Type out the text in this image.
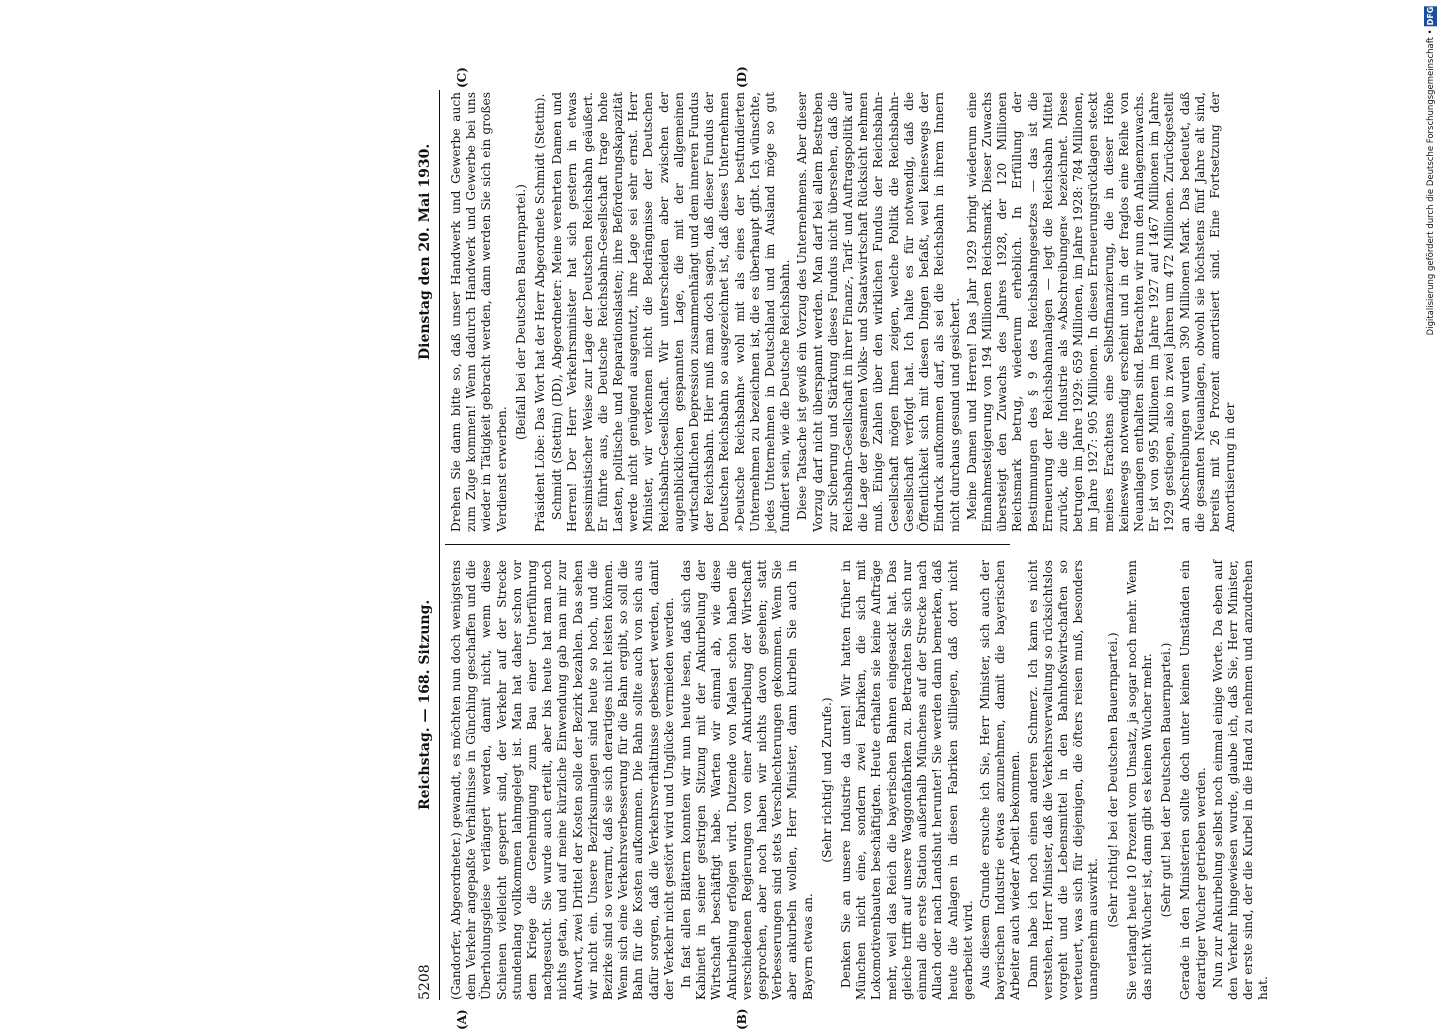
5208
Reichstag. — 168. Sitzung.
Dienstag den 20. Mai 1930.
(A)	(B)
(C)	(D)

(Gandorfer, Abgeordneter.) gewandt, es möchten nun doch wenigstens dem Verkehr angepaßte Verhältnisse in Günching geschaffen und die Überholungsgleise verlängert werden, damit nicht, wenn diese Schienen vielleicht gesperrt sind, der Verkehr auf der Strecke stundenlang vollkommen lahmgelegt ist. Man hat daher schon vor dem Kriege die Genehmigung zum Bau einer Unterführung nachgesucht. Sie wurde auch erteilt, aber bis heute hat man noch nichts getan, und auf meine kürzliche Einwendung gab man mir zur Antwort, zwei Drittel der Kosten solle der Bezirk bezahlen. Das sehen wir nicht ein. Unsere Bezirksumlagen sind heute so hoch, und die Bezirke sind so verarmt, daß sie sich derartiges nicht leisten können. Wenn sich eine Verkehrsverbesserung für die Bahn ergibt, so soll die Bahn für die Kosten aufkommen. Die Bahn sollte auch von sich aus dafür sorgen, daß die Verkehrsverhältnisse gebessert werden, damit der Verkehr nicht gestört wird und Unglücke vermieden werden. In fast allen Blättern konnten wir nun heute lesen, daß sich das Kabinett in seiner gestrigen Sitzung mit der Ankurbelung der Wirtschaft beschäftigt habe. Warten wir einmal ab, wie diese Ankurbelung erfolgen wird. Dutzende von Malen schon haben die verschiedenen Regierungen von einer Ankurbelung der Wirtschaft gesprochen, aber noch haben wir nichts davon gesehen; statt Verbesserungen sind stets Verschlechterungen gekommen. Wenn Sie aber ankurbeln wollen, Herr Minister, dann kurbeln Sie auch in Bayern etwas an.

(Sehr richtig! und Zurufe.) Denken Sie an unsere Industrie da unten! Wir hatten früher in München nicht eine, sondern zwei Fabriken, die sich mit Lokomotivenbauten beschäftigten. Heute erhalten sie keine Aufträge mehr, weil das Reich die bayerischen Bahnen eingesackt hat. Das gleiche trifft auf unsere Waggonfabriken zu. Betrachten Sie sich nur einmal die erste Station außerhalb Münchens auf der Strecke nach Allach oder nach Landshut herunter! Sie werden dann bemerken, daß heute die Anlagen in diesen Fabriken stilliegen, daß dort nicht gearbeitet wird. Aus diesem Grunde ersuche ich Sie, Herr Minister, sich auch der bayerischen Industrie etwas anzunehmen, damit die bayerischen Arbeiter auch wieder Arbeit bekommen. Dann habe ich noch einen anderen Schmerz. Ich kann es nicht verstehen, Herr Minister, daß die Verkehrsverwaltung so rücksichtslos vorgeht und die Lebensmittel in den Bahnhofswirtschaften so verteuert, was sich für diejenigen, die öfters reisen muß, besonders unangenehm auswirkt.

(Sehr richtig! bei der Deutschen Bauernpartei.) Sie verlangt heute 10 Prozent vom Umsatz, ja sogar noch mehr. Wenn das nicht Wucher ist, dann gibt es keinen Wucher mehr. (Sehr gut! bei der Deutschen Bauernpartei.) Gerade in den Ministerien sollte doch unter keinen Umständen ein derartiger Wucher getrieben werden. Nun zur Ankurbelung selbst noch einmal einige Worte. Da eben auf den Verkehr hingewiesen wurde, glaube ich, daß Sie, Herr Minister, der erste sind, der die Kurbel in die Hand zu nehmen und anzudrehen hat.

Drehen Sie dann bitte so, daß unser Handwerk und Gewerbe auch zum Zuge kommen! Wenn dadurch Handwerk und Gewerbe bei uns wieder in Tätigkeit gebracht werden, dann werden Sie sich ein großes Verdienst erwerben.

(Beifall bei der Deutschen Bauernpartei.) Präsident Löbe: Das Wort hat der Herr Abgeordnete Schmidt (Stettin). Schmidt (Stettin) (DD), Abgeordneter: Meine verehrten Damen und Herren! Der Herr Verkehrsminister hat sich gestern in etwas pessimistischer Weise zur Lage der Deutschen Reichsbahn geäußert. Er führte aus, die Deutsche Reichsbahn-Gesellschaft trage hohe Lasten, politische und Reparationslasten; ihre Beförderungskapazität werde nicht genügend ausgenutzt, ihre Lage sei sehr ernst. Herr Minister, wir verkennen nicht die Bedrängnisse der Deutschen Reichsbahn-Gesellschaft. Wir unterscheiden aber zwischen der augenblicklichen gespannten Lage, die mit der allgemeinen wirtschaftlichen Depression zusammenhängt und dem inneren Fundus der Reichsbahn. Hier muß man doch sagen, daß dieser Fundus der Deutschen Reichsbahn so ausgezeichnet ist, daß dieses Unternehmen »Deutsche Reichsbahn« wohl mit als eines der bestfundierten Unternehmen zu bezeichnen ist, die es überhaupt gibt. Ich wünschte, jedes Unternehmen in Deutschland und im Ausland möge so gut fundiert sein, wie die Deutsche Reichsbahn. Diese Tatsache ist gewiß ein Vorzug des Unternehmens. Aber dieser Vorzug darf nicht überspannt werden. Man darf bei allem Bestreben zur Sicherung und Stärkung dieses Fundus nicht übersehen, daß die Reichsbahn-Gesellschaft in ihrer Finanz-, Tarif- und Auftragspolitik auf die Lage der gesamten Volks- und Staatswirtschaft Rücksicht nehmen muß. Einige Zahlen über den wirklichen Fundus der Reichsbahn-Gesellschaft mögen Ihnen zeigen, welche Politik die Reichsbahn-Gesellschaft verfolgt hat. Ich halte es für notwendig, daß die Öffentlichkeit sich mit diesen Dingen befaßt, weil keineswegs der Eindruck aufkommen darf, als sei die Reichsbahn in ihrem Innern nicht durchaus gesund und gesichert. Meine Damen und Herren! Das Jahr 1929 bringt wiederum eine Einnahmesteigerung von 194 Millionen Reichsmark. Dieser Zuwachs übersteigt den Zuwachs des Jahres 1928, der 120 Millionen Reichsmark betrug, wiederum erheblich. In Erfüllung der Bestimmungen des § 9 des Reichsbahngesetzes — das ist die Erneuerung der Reichsbahnanlagen — legt die Reichsbahn Mittel zurück, die die Industrie als »Abschreibungen« bezeichnet. Diese betrugen im Jahre 1929: 659 Millionen, im Jahre 1928: 784 Millionen, im Jahre 1927: 905 Millionen. In diesen Erneuerungsrücklagen steckt meines Erachtens eine Selbstfinanzierung, die in dieser Höhe keineswegs notwendig erscheint und in der fraglos eine Reihe von Neuanlagen enthalten sind. Betrachten wir nun den Anlagenzuwachs. Er ist von 995 Millionen im Jahre 1927 auf 1467 Millionen im Jahre 1929 gestiegen, also in zwei Jahren um 472 Millionen. Zurückgestellt an Abschreibungen wurden 390 Millionen Mark. Das bedeutet, daß die gesamten Neuanlagen, obwohl sie höchstens fünf Jahre alt sind, bereits mit 26 Prozent amortisiert sind. Eine Fortsetzung der Amortisierung in der

Digitalisierung gefördert durch die Deutsche Forschungsgemeinschaft • DFG
